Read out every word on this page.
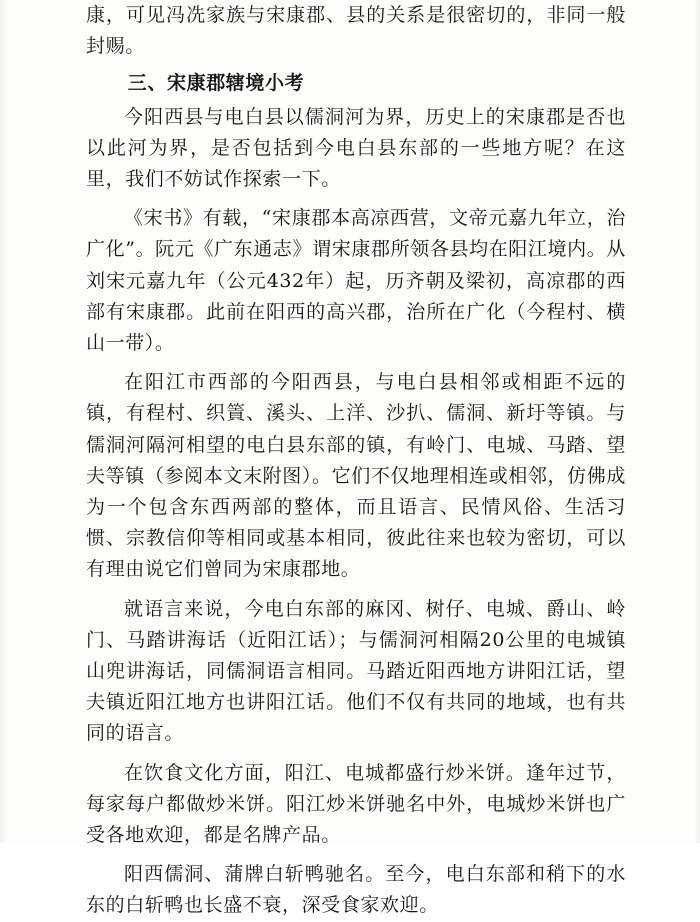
康，可见冯冼家族与宋康郡、县的关系是很密切的，非同一般封赐。

三、宋康郡辖境小考

今阳西县与电白县以儒洞河为界，历史上的宋康郡是否也以此河为界，是否包括到今电白县东部的一些地方呢？在这里，我们不妨试作探索一下。

《宋书》有载，“宋康郡本高凉西营，文帝元嘉九年立，治广化”。阮元《广东通志》谓宋康郡所领各县均在阳江境内。从刘宋元嘉九年（公元432年）起，历齐朝及梁初，高凉郡的西部有宋康郡。此前在阳西的高兴郡，治所在广化（今程村、横山一带）。

在阳江市西部的今阳西县，与电白县相邻或相距不远的镇，有程村、织篢、溪头、上洋、沙扒、儒洞、新圩等镇。与儒洞河隔河相望的电白县东部的镇，有岭门、电城、马踏、望夫等镇（参阅本文末附图）。它们不仅地理相连或相邻，仿佛成为一个包含东西两部的整体，而且语言、民情风俗、生活习惯、宗教信仰等相同或基本相同，彼此往来也较为密切，可以有理由说它们曾同为宋康郡地。

就语言来说，今电白东部的麻冈、树仔、电城、爵山、岭门、马踏讲海话（近阳江话）；与儒洞河相隔20公里的电城镇山兜讲海话，同儒洞语言相同。马踏近阳西地方讲阳江话，望夫镇近阳江地方也讲阳江话。他们不仅有共同的地域，也有共同的语言。

在饮食文化方面，阳江、电城都盛行炒米饼。逢年过节，每家每户都做炒米饼。阳江炒米饼驰名中外，电城炒米饼也广受各地欢迎，都是名牌产品。

阳西儒洞、蒲牌白斩鸭驰名。至今，电白东部和稍下的水东的白斩鸭也长盛不衰，深受食家欢迎。
